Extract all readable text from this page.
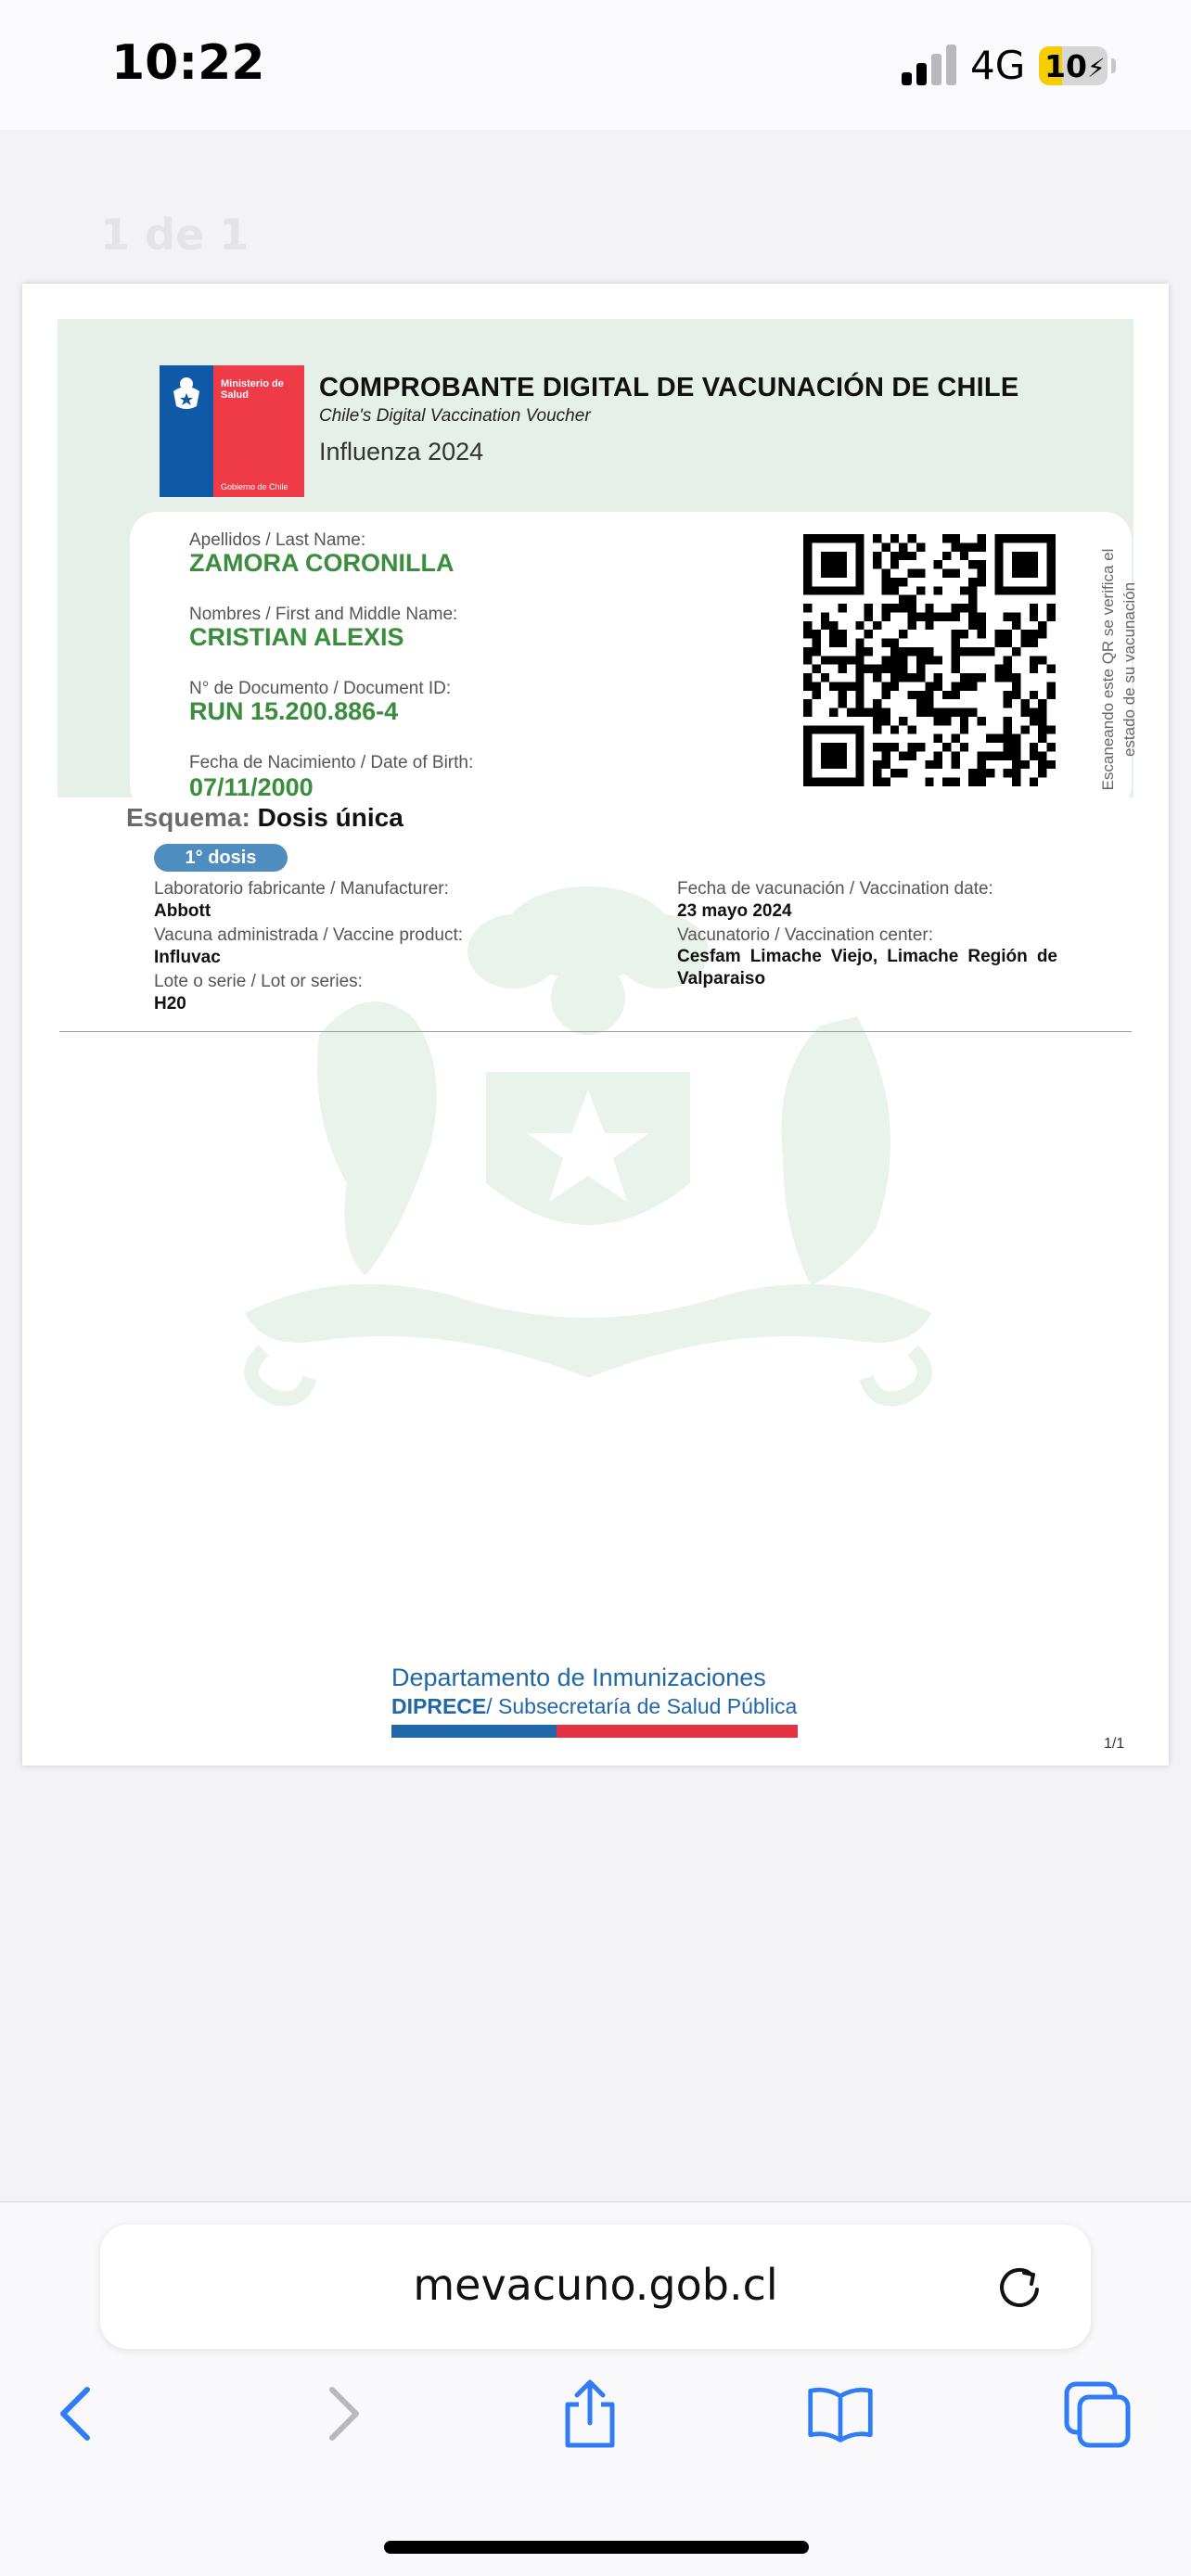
10:22	4G 10⚡
1 de 1
Ministerio de Salud
Gobierno de Chile
COMPROBANTE DIGITAL DE VACUNACIÓN DE CHILE
Chile's Digital Vaccination Voucher
Influenza 2024
Apellidos / Last Name:
ZAMORA CORONILLA
Nombres / First and Middle Name:
CRISTIAN ALEXIS
N° de Documento / Document ID:
RUN 15.200.886-4
Fecha de Nacimiento / Date of Birth:
07/11/2000	Escaneando este QR se verifica el estado de su vacunación
Esquema: Dosis única
1° dosis
Laboratorio fabricante / Manufacturer:
Abbott
Vacuna administrada / Vaccine product:
Influvac
Lote o serie / Lot or series:
H20
Fecha de vacunación / Vaccination date:
23 mayo 2024
Vacunatorio / Vaccination center:
Cesfam Limache Viejo, Limache Región de Valparaiso
Departamento de Inmunizaciones
DIPRECE/ Subsecretaría de Salud Pública
1/1
mevacuno.gob.cl
